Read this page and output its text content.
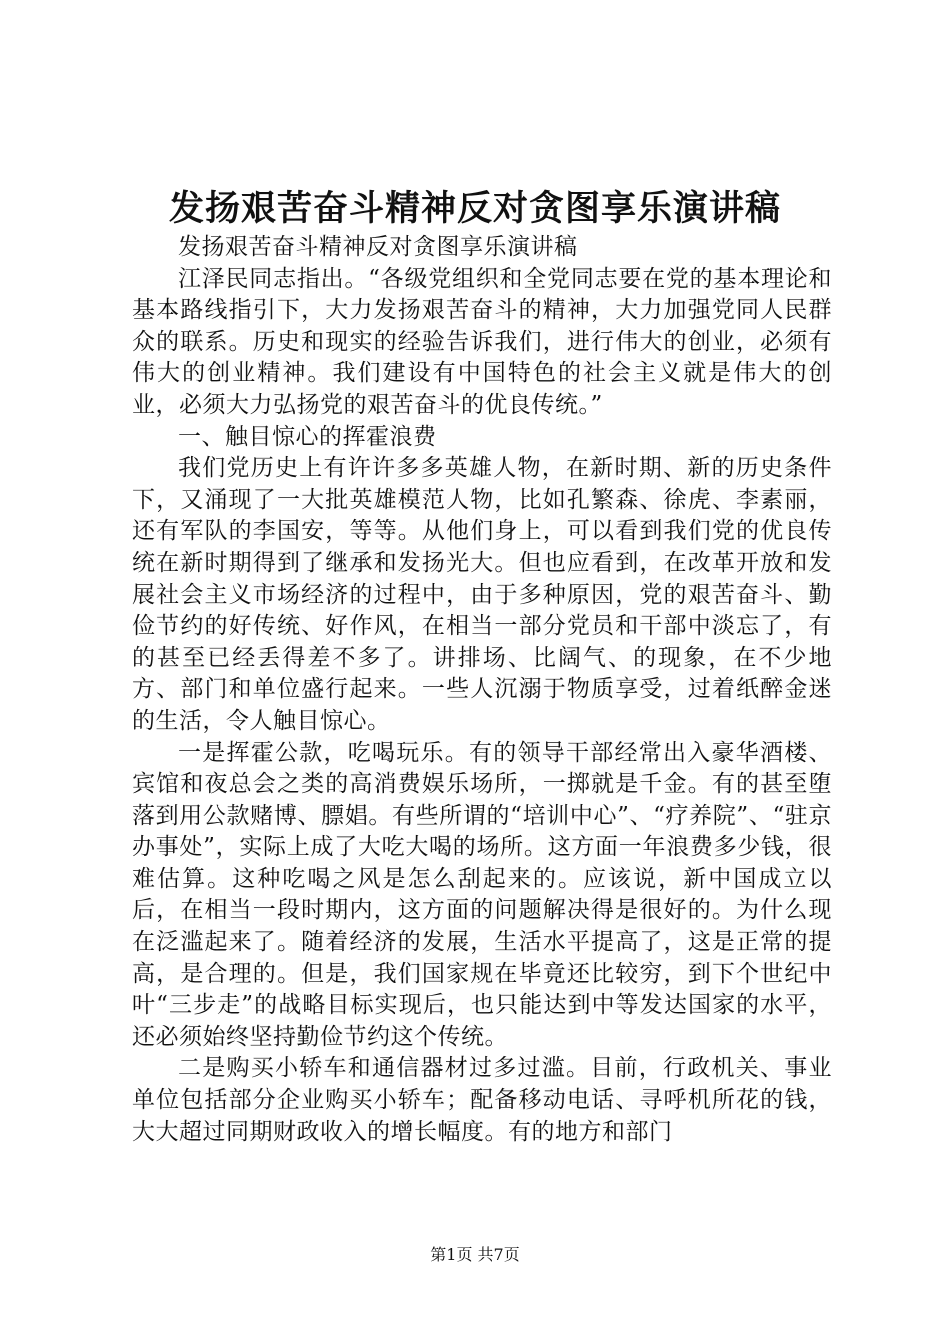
发扬艰苦奋斗精神反对贪图享乐演讲稿

发扬艰苦奋斗精神反对贪图享乐演讲稿

江泽民同志指出。“各级党组织和全党同志要在党的基本理论和基本路线指引下，大力发扬艰苦奋斗的精神，大力加强党同人民群众的联系。历史和现实的经验告诉我们，进行伟大的创业，必须有伟大的创业精神。我们建设有中国特色的社会主义就是伟大的创业，必须大力弘扬党的艰苦奋斗的优良传统。”

一、触目惊心的挥霍浪费

我们党历史上有许许多多英雄人物，在新时期、新的历史条件下，又涌现了一大批英雄模范人物，比如孔繁森、徐虎、李素丽，还有军队的李国安，等等。从他们身上，可以看到我们党的优良传统在新时期得到了继承和发扬光大。但也应看到，在改革开放和发展社会主义市场经济的过程中，由于多种原因，党的艰苦奋斗、勤俭节约的好传统、好作风，在相当一部分党员和干部中淡忘了，有的甚至已经丢得差不多了。讲排场、比阔气、的现象，在不少地方、部门和单位盛行起来。一些人沉溺于物质享受，过着纸醉金迷的生活，令人触目惊心。

一是挥霍公款，吃喝玩乐。有的领导干部经常出入豪华酒楼、宾馆和夜总会之类的高消费娱乐场所，一掷就是千金。有的甚至堕落到用公款赌博、膘娼。有些所谓的“培训中心”、“疗养院”、“驻京办事处”，实际上成了大吃大喝的场所。这方面一年浪费多少钱，很难估算。这种吃喝之风是怎么刮起来的。应该说，新中国成立以后，在相当一段时期内，这方面的问题解决得是很好的。为什么现在泛滥起来了。随着经济的发展，生活水平提高了，这是正常的提高，是合理的。但是，我们国家规在毕竟还比较穷，到下个世纪中叶“三步走”的战略目标实现后，也只能达到中等发达国家的水平，还必须始终坚持勤俭节约这个传统。

二是购买小轿车和通信器材过多过滥。目前，行政机关、事业单位包括部分企业购买小轿车；配备移动电话、寻呼机所花的钱，大大超过同期财政收入的增长幅度。有的地方和部门

第1页 共7页
